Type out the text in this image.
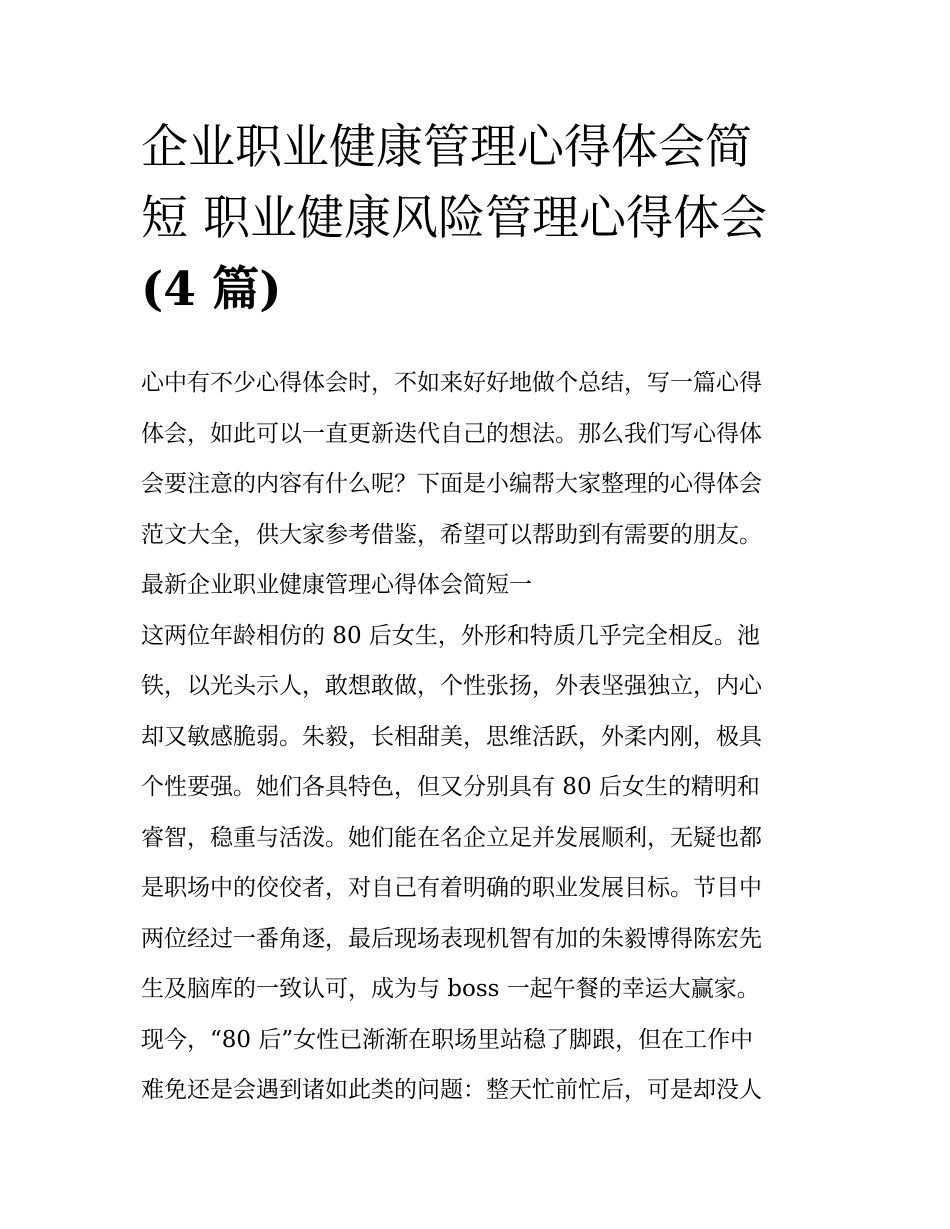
企业职业健康管理心得体会简
短 职业健康风险管理心得体会
(4 篇)
心中有不少心得体会时，不如来好好地做个总结，写一篇心得
体会，如此可以一直更新迭代自己的想法。那么我们写心得体
会要注意的内容有什么呢？下面是小编帮大家整理的心得体会
范文大全，供大家参考借鉴，希望可以帮助到有需要的朋友。
最新企业职业健康管理心得体会简短一
这两位年龄相仿的 80 后女生，外形和特质几乎完全相反。池
铁，以光头示人，敢想敢做，个性张扬，外表坚强独立，内心
却又敏感脆弱。朱毅，长相甜美，思维活跃，外柔内刚，极具
个性要强。她们各具特色，但又分别具有 80 后女生的精明和
睿智，稳重与活泼。她们能在名企立足并发展顺利，无疑也都
是职场中的佼佼者，对自己有着明确的职业发展目标。节目中
两位经过一番角逐，最后现场表现机智有加的朱毅博得陈宏先
生及脑库的一致认可，成为与 boss 一起午餐的幸运大赢家。
现今，“80 后”女性已渐渐在职场里站稳了脚跟，但在工作中
难免还是会遇到诸如此类的问题：整天忙前忙后，可是却没人
